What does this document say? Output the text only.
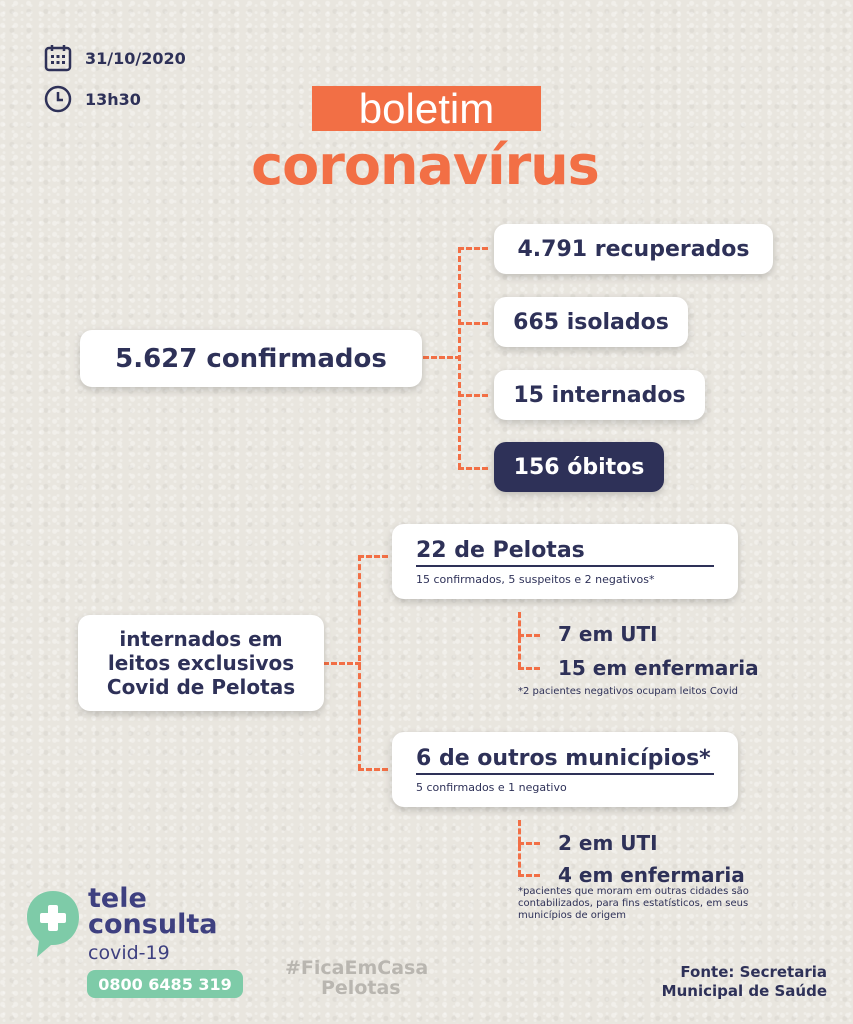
31/10/2020
13h30	boletim
coronavírus
5.627 confirmados
4.791 recuperados
665 isolados
15 internados
156 óbitos
internados em leitos exclusivos Covid de Pelotas
22 de Pelotas
15 confirmados, 5 suspeitos e 2 negativos*
7 em UTI
15 em enfermaria
*2 pacientes negativos ocupam leitos Covid
6 de outros municípios*
5 confirmados e 1 negativo
2 em UTI
4 em enfermaria
*pacientes que moram em outras cidades são contabilizados, para fins estatísticos, em seus municípios de origem
tele
consulta
covid-19
0800 6485 319
#FicaEmCasa
Pelotas
Fonte: Secretaria
Municipal de Saúde
